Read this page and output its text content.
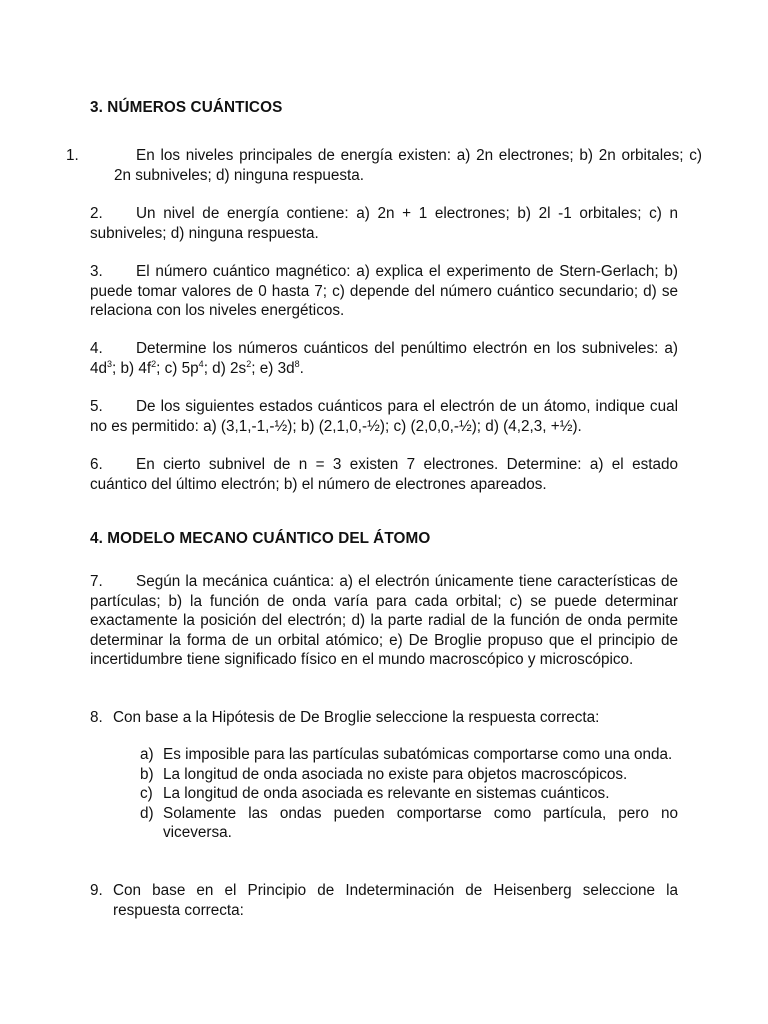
3. NÚMEROS CUÁNTICOS
1.	En los niveles principales de energía existen: a) 2n electrones; b) 2n orbitales; c) 2n subniveles; d) ninguna respuesta.
2. Un nivel de energía contiene: a) 2n + 1 electrones; b) 2l -1 orbitales; c) n subniveles; d) ninguna respuesta.
3. El número cuántico magnético: a) explica el experimento de Stern-Gerlach; b) puede tomar valores de 0 hasta 7; c) depende del número cuántico secundario; d) se relaciona con los niveles energéticos.
4. Determine los números cuánticos del penúltimo electrón en los subniveles: a) $4d^3$; b) $4f^2$; c) $5p^4$; d) $2s^2$; e) $3d^8$.
5. De los siguientes estados cuánticos para el electrón de un átomo, indique cual no es permitido: a) (3,1,-1,-½); b) (2,1,0,-½); c) (2,0,0,-½); d) (4,2,3, +½).
6. En cierto subnivel de n = 3 existen 7 electrones. Determine: a) el estado cuántico del último electrón; b) el número de electrones apareados.
4. MODELO MECANO CUÁNTICO DEL ÁTOMO
7. Según la mecánica cuántica: a) el electrón únicamente tiene características de partículas; b) la función de onda varía para cada orbital; c) se puede determinar exactamente la posición del electrón; d) la parte radial de la función de onda permite determinar la forma de un orbital atómico; e) De Broglie propuso que el principio de incertidumbre tiene significado físico en el mundo macroscópico y microscópico.
8. Con base a la Hipótesis de De Broglie seleccione la respuesta correcta:
a) Es imposible para las partículas subatómicas comportarse como una onda.
b) La longitud de onda asociada no existe para objetos macroscópicos.
c) La longitud de onda asociada es relevante en sistemas cuánticos.
d) Solamente las ondas pueden comportarse como partícula, pero no viceversa.
9. Con base en el Principio de Indeterminación de Heisenberg seleccione la respuesta correcta:
